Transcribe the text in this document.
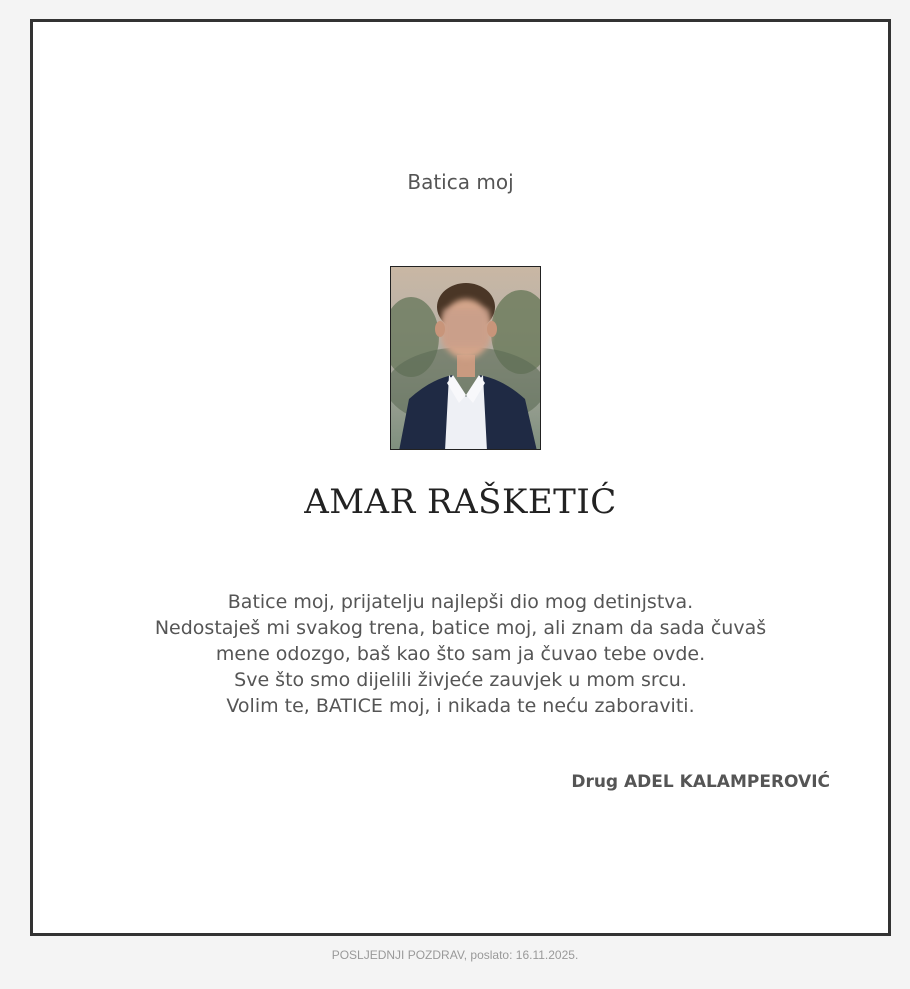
Batica moj
AMAR RAŠKETIĆ
Batice moj, prijatelju najlepši dio mog detinjstva.
Nedostaješ mi svakog trena, batice moj, ali znam da sada čuvaš
mene odozgo, baš kao što sam ja čuvao tebe ovde.
Sve što smo dijelili živjeće zauvjek u mom srcu.
Volim te, BATICE moj, i nikada te neću zaboraviti.
Drug ADEL KALAMPEROVIĆ
POSLJEDNJI POZDRAV, poslato: 16.11.2025.
